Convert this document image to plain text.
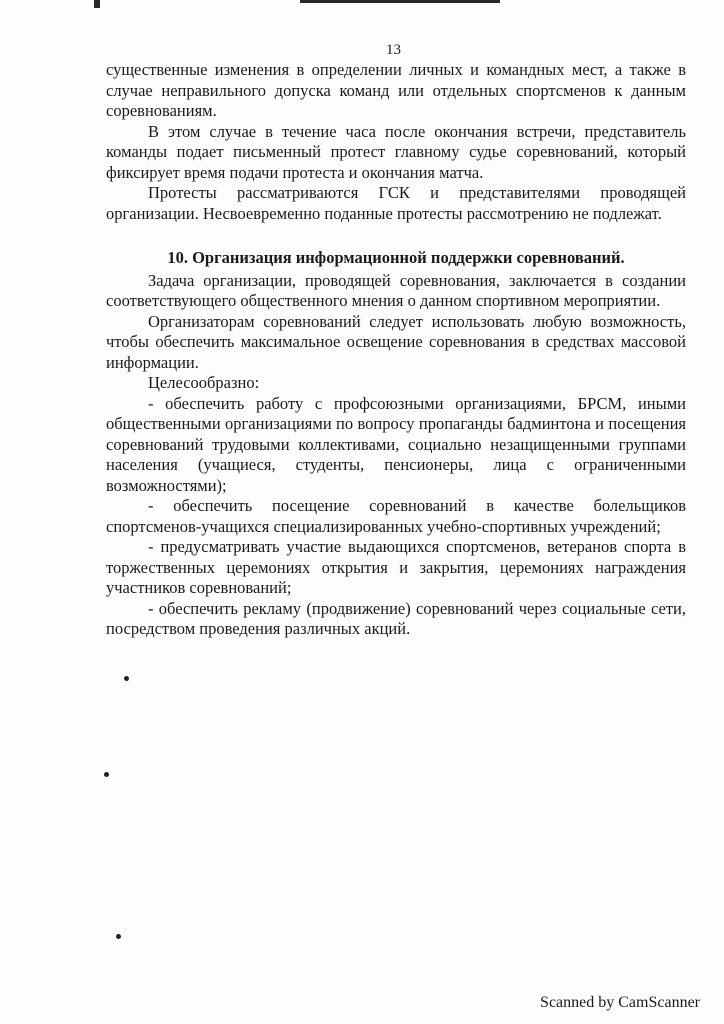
13

существенные изменения в определении личных и командных мест, а также в случае неправильного допуска команд или отдельных спортсменов к данным соревнованиям.

В этом случае в течение часа после окончания встречи, представитель команды подает письменный протест главному судье соревнований, который фиксирует время подачи протеста и окончания матча.

Протесты рассматриваются ГСК и представителями проводящей организации. Несвоевременно поданные протесты рассмотрению не подлежат.

10. Организация информационной поддержки соревнований.

Задача организации, проводящей соревнования, заключается в создании соответствующего общественного мнения о данном спортивном мероприятии.

Организаторам соревнований следует использовать любую возможность, чтобы обеспечить максимальное освещение соревнования в средствах массовой информации.

Целесообразно:

- обеспечить работу с профсоюзными организациями, БРСМ, иными общественными организациями по вопросу пропаганды бадминтона и посещения соревнований трудовыми коллективами, социально незащищенными группами населения (учащиеся, студенты, пенсионеры, лица с ограниченными возможностями);

- обеспечить посещение соревнований в качестве болельщиков спортсменов-учащихся специализированных учебно-спортивных учреждений;

- предусматривать участие выдающихся спортсменов, ветеранов спорта в торжественных церемониях открытия и закрытия, церемониях награждения участников соревнований;

- обеспечить рекламу (продвижение) соревнований через социальные сети, посредством проведения различных акций.

Scanned by CamScanner
